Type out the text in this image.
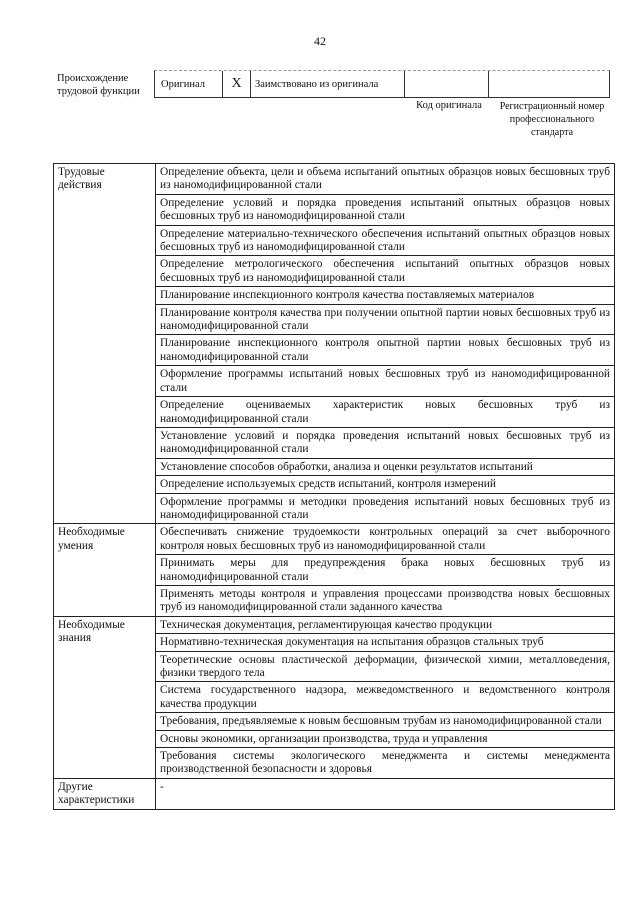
42
Происхождение трудовой функции
Оригинал	X	Заимствовано из оригинала
Код оригинала	Регистрационный номер профессионального стандарта
Трудовые действия	Определение объекта, цели и объема испытаний опытных образцов новых бесшовных труб из наномодифицированной стали
	Определение условий и порядка проведения испытаний опытных образцов новых бесшовных труб из наномодифицированной стали
	Определение материально-технического обеспечения испытаний опытных образцов новых бесшовных труб из наномодифицированной стали
	Определение метрологического обеспечения испытаний опытных образцов новых бесшовных труб из наномодифицированной стали
	Планирование инспекционного контроля качества поставляемых материалов
	Планирование контроля качества при получении опытной партии новых бесшовных труб из наномодифицированной стали
	Планирование инспекционного контроля опытной партии новых бесшовных труб из наномодифицированной стали
	Оформление программы испытаний новых бесшовных труб из наномодифицированной стали
	Определение оцениваемых характеристик новых бесшовных труб из наномодифицированной стали
	Установление условий и порядка проведения испытаний новых бесшовных труб из наномодифицированной стали
	Установление способов обработки, анализа и оценки результатов испытаний
	Определение используемых средств испытаний, контроля измерений
	Оформление программы и методики проведения испытаний новых бесшовных труб из наномодифицированной стали
Необходимые умения	Обеспечивать снижение трудоемкости контрольных операций за счет выборочного контроля новых бесшовных труб из наномодифицированной стали
	Принимать меры для предупреждения брака новых бесшовных труб из наномодифицированной стали
	Применять методы контроля и управления процессами производства новых бесшовных труб из наномодифицированной стали заданного качества
Необходимые знания	Техническая документация, регламентирующая качество продукции
	Нормативно-техническая документация на испытания образцов стальных труб
	Теоретические основы пластической деформации, физической химии, металловедения, физики твердого тела
	Система государственного надзора, межведомственного и ведомственного контроля качества продукции
	Требования, предъявляемые к новым бесшовным трубам из наномодифицированной стали
	Основы экономики, организации производства, труда и управления
	Требования системы экологического менеджмента и системы менеджмента производственной безопасности и здоровья
Другие характеристики	-
